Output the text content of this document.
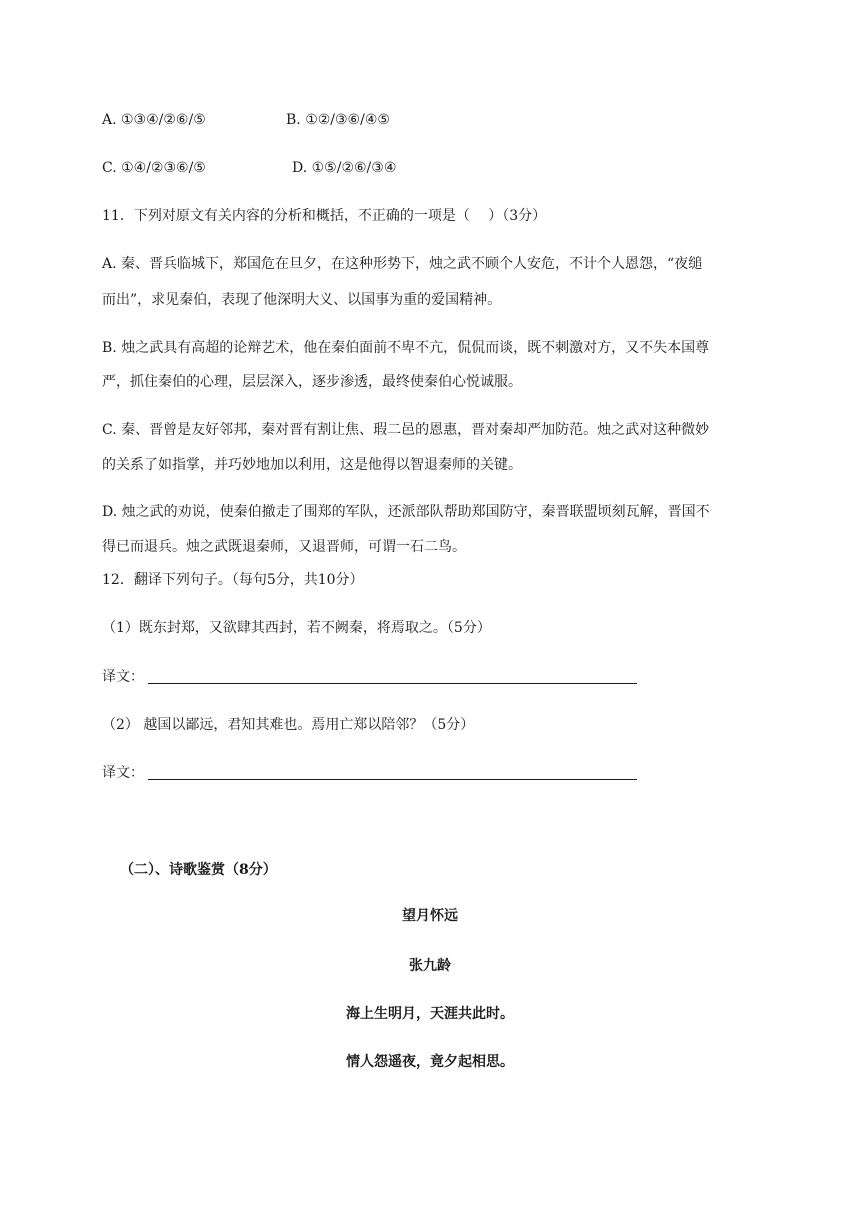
A. ①③④/②⑥/⑤	B. ①②/③⑥/④⑤
C. ①④/②③⑥/⑤	D. ①⑤/②⑥/③④
11．下列对原文有关内容的分析和概括，不正确的一项是（　 ）（3分）
A. 秦、晋兵临城下，郑国危在旦夕，在这种形势下，烛之武不顾个人安危，不计个人恩怨，“夜缒
而出”，求见秦伯，表现了他深明大义、以国事为重的爱国精神。
B. 烛之武具有高超的论辩艺术，他在秦伯面前不卑不亢，侃侃而谈，既不刺激对方，又不失本国尊
严，抓住秦伯的心理，层层深入，逐步渗透，最终使秦伯心悦诚服。
C. 秦、晋曾是友好邻邦，秦对晋有割让焦、瑕二邑的恩惠，晋对秦却严加防范。烛之武对这种微妙
的关系了如指掌，并巧妙地加以利用，这是他得以智退秦师的关键。
D. 烛之武的劝说，使秦伯撤走了围郑的军队，还派部队帮助郑国防守，秦晋联盟顷刻瓦解，晋国不
得已而退兵。烛之武既退秦师，又退晋师，可谓一石二鸟。
12．翻译下列句子。（每句5分，共10分）
（1）既东封郑，又欲肆其西封，若不阙秦，将焉取之。（5分）
译文：
（2） 越国以鄙远，君知其难也。焉用亡郑以陪邻？（5分）
译文：
（二）、诗歌鉴赏（8分）
望月怀远
张九龄
海上生明月，天涯共此时。
情人怨遥夜，竟夕起相思。
